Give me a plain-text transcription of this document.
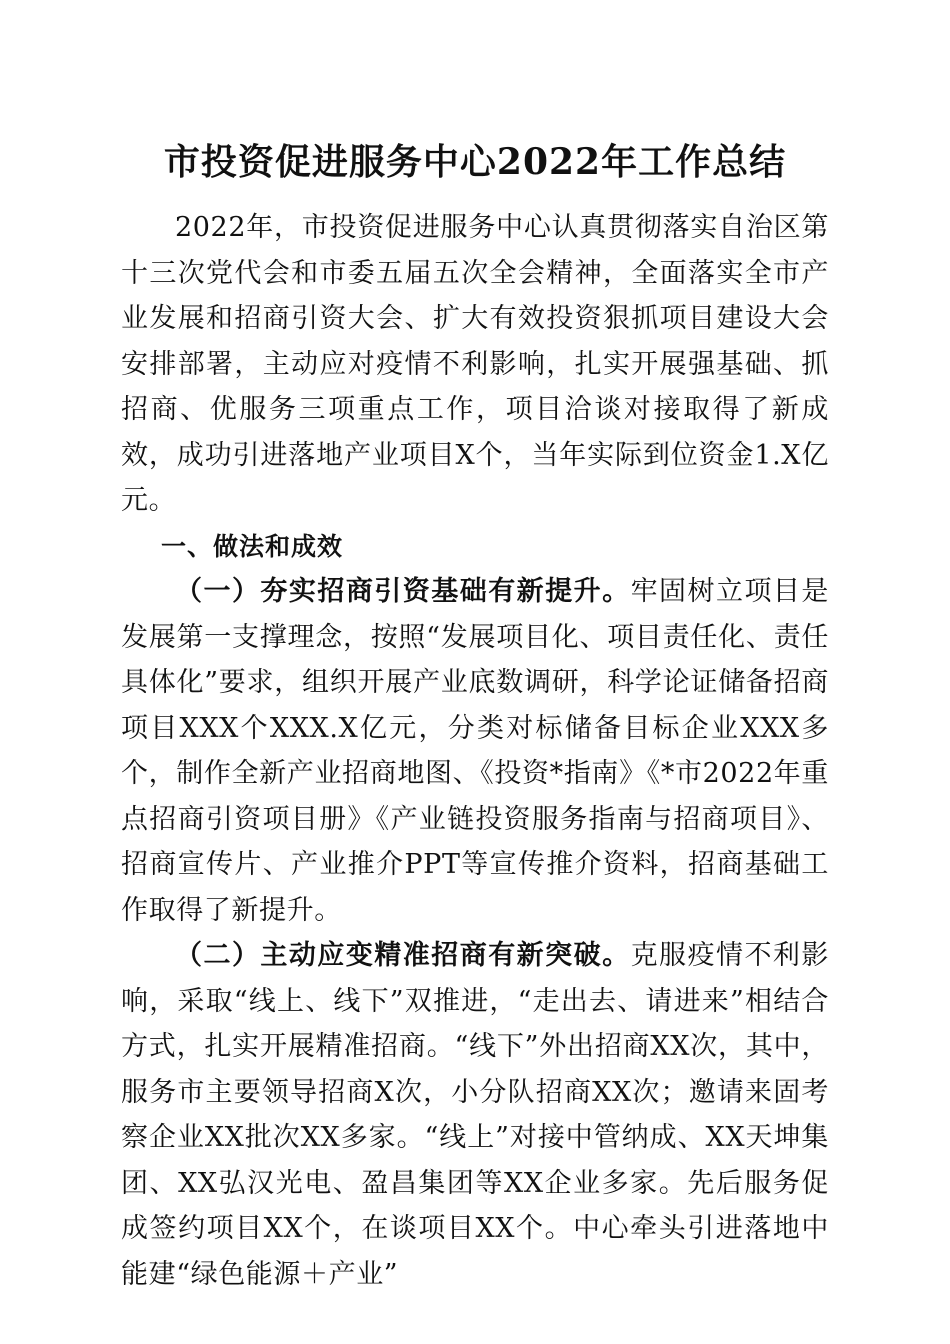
市投资促进服务中心2022年工作总结

2022年，市投资促进服务中心认真贯彻落实自治区第十三次党代会和市委五届五次全会精神，全面落实全市产业发展和招商引资大会、扩大有效投资狠抓项目建设大会安排部署，主动应对疫情不利影响，扎实开展强基础、抓招商、优服务三项重点工作，项目洽谈对接取得了新成效，成功引进落地产业项目X个，当年实际到位资金1.X亿元。

一、做法和成效

（一）夯实招商引资基础有新提升。牢固树立项目是发展第一支撑理念，按照“发展项目化、项目责任化、责任具体化”要求，组织开展产业底数调研，科学论证储备招商项目XXX个XXX.X亿元，分类对标储备目标企业XXX多个，制作全新产业招商地图、《投资*指南》《*市2022年重点招商引资项目册》《产业链投资服务指南与招商项目》、招商宣传片、产业推介PPT等宣传推介资料，招商基础工作取得了新提升。

（二）主动应变精准招商有新突破。克服疫情不利影响，采取“线上、线下”双推进，“走出去、请进来”相结合方式，扎实开展精准招商。“线下”外出招商XX次，其中，服务市主要领导招商X次，小分队招商XX次；邀请来固考察企业XX批次XX多家。“线上”对接中管纳成、XX天坤集团、XX弘汉光电、盈昌集团等XX企业多家。先后服务促成签约项目XX个，在谈项目XX个。中心牵头引进落地中能建“绿色能源＋产业”
